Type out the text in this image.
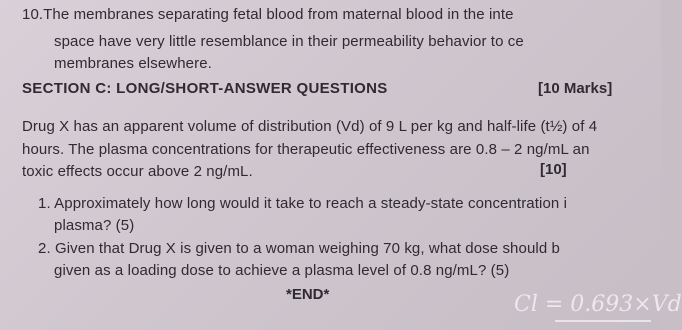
10.The membranes separating fetal blood from maternal blood in the inte
space have very little resemblance in their permeability behavior to ce
membranes elsewhere.
SECTION C: LONG/SHORT-ANSWER QUESTIONS	[10 Marks]
Drug X has an apparent volume of distribution (Vd) of 9 L per kg and half-life (t½) of 4
hours. The plasma concentrations for therapeutic effectiveness are 0.8 – 2 ng/mL an
toxic effects occur above 2 ng/mL.	[10]
1. Approximately how long would it take to reach a steady-state concentration i
plasma? (5)
2. Given that Drug X is given to a woman weighing 70 kg, what dose should b
given as a loading dose to achieve a plasma level of 0.8 ng/mL? (5)
*END*	Cl = 0.693×Vd
